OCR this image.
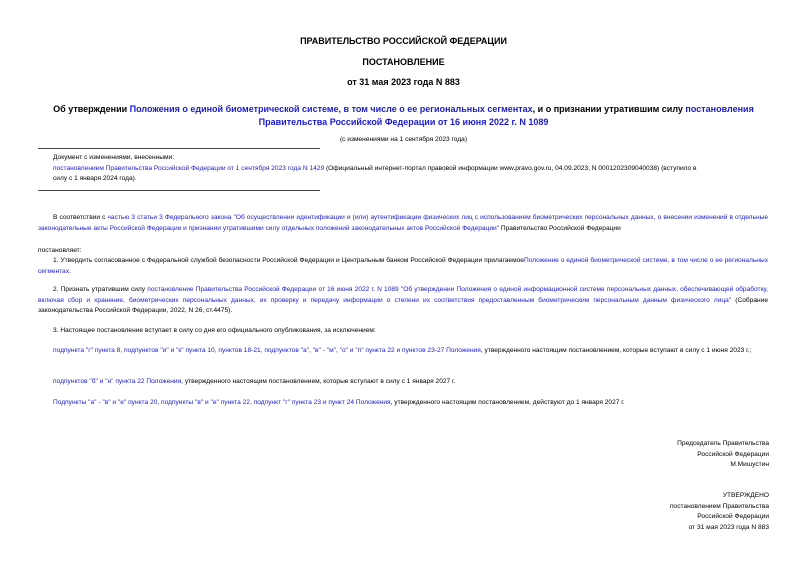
ПРАВИТЕЛЬСТВО РОССИЙСКОЙ ФЕДЕРАЦИИ
ПОСТАНОВЛЕНИЕ
от 31 мая 2023 года N 883
Об утверждении Положения о единой биометрической системе, в том числе о ее региональных сегментах, и о признании утратившим силу постановления
Правительства Российской Федерации от 16 июня 2022 г. N 1089
(с изменениями на 1 сентября 2023 года)
Документ с изменениями, внесенными:
постановлением Правительства Российской Федерации от 1 сентября 2023 года N 1429 (Официальный интернет-портал правовой информации www.pravo.gov.ru, 04.09.2023, N 0001202309040038) (вступило в
силу с 1 января 2024 года).
В соответствии с частью 3 статьи 3 Федерального закона "Об осуществлении идентификации и (или) аутентификации физических лиц с использованием биометрических персональных данных, о внесении изменений в отдельные законодательные акты Российской Федерации и признании утратившими силу отдельных положений законодательных актов Российской Федерации" Правительство Российской Федерации
постановляет:
1. Утвердить согласованное с Федеральной службой безопасности Российской Федерации и Центральным банком Российской Федерации прилагаемоеПоложение о единой биометрической системе, в том числе о ее региональных сегментах.
2. Признать утратившим силу постановление Правительства Российской Федерации от 16 июня 2022 г. N 1089 "Об утверждении Положения о единой информационной системе персональных данных, обеспечивающей обработку, включая сбор и хранение, биометрических персональных данных, их проверку и передачу информации о степени их соответствия предоставленным биометрическим персональным данным физического лица" (Собрание законодательства Российской Федерации, 2022, N 26, ст.4475).
3. Настоящее постановление вступает в силу со дня его официального опубликования, за исключением:
подпункта "г" пункта 8, подпунктов "и" и "к" пункта 10, пунктов 18-21, подпунктов "а", "в" - "м", "о" и "п" пункта 22 и пунктов 23-27 Положения, утвержденного настоящим постановлением, которые вступают в силу с 1 июня 2023 г.;
подпунктов "б" и "н" пункта 22 Положения, утвержденного настоящим постановлением, которые вступают в силу с 1 января 2027 г.
Подпункты "а" - "в" и "е" пункта 20, подпункты "в" и "е" пункта 22, подпункт "г" пункта 23 и пункт 24 Положения, утвержденного настоящим постановлением, действуют до 1 января 2027 г.
Председатель Правительства
Российской Федерации
М.Мишустин
УТВЕРЖДЕНО
постановлением Правительства
Российской Федерации
от 31 мая 2023 года N 883
